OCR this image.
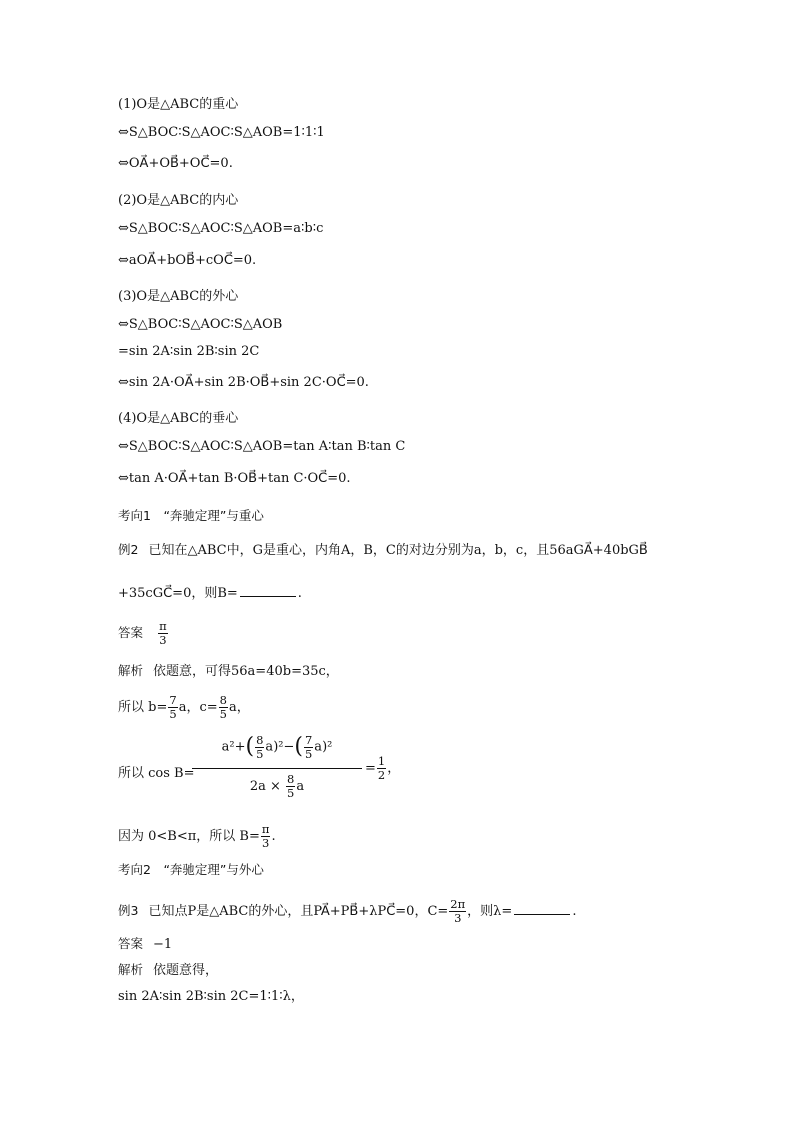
(1)O是△ABC的重心
⇔S△BOC∶S△AOC∶S△AOB=1∶1∶1
⇔OA⃗+OB⃗+OC⃗=0.
(2)O是△ABC的内心
⇔S△BOC∶S△AOC∶S△AOB=a∶b∶c
⇔aOA⃗+bOB⃗+cOC⃗=0.
(3)O是△ABC的外心
⇔S△BOC∶S△AOC∶S△AOB
=sin 2A∶sin 2B∶sin 2C
⇔sin 2A·OA⃗+sin 2B·OB⃗+sin 2C·OC⃗=0.
(4)O是△ABC的垂心
⇔S△BOC∶S△AOC∶S△AOB=tan A∶tan B∶tan C
⇔tan A·OA⃗+tan B·OB⃗+tan C·OC⃗=0.
考向1　“奔驰定理”与重心
例2 已知在△ABC中，G是重心，内角A，B，C的对边分别为a，b，c，且56aGA⃗+40bGB⃗
+35cGC⃗=0，则B=	.
答案 $\frac{\pi}{3}$
解析 依题意，可得56a=40b=35c，
所以 $b= \frac{7}{5}$ a，$c= \frac{8}{5}$ a，
所以 cos B=
$a^2+( \frac{8}{5} a)^2-( \frac{7}{5} a)^2$
$2a \times \frac{8}{5}$ a
= $\frac{1}{2}$ ，
因为 0<B<π，所以 $B= \frac{\pi}{3}$ .
考向2　“奔驰定理”与外心
例3 已知点P是△ABC的外心，且PA⃗+PB⃗+λPC⃗=0，$C= \frac{2\pi}{3}$ ，则λ=	.
答案 −1
解析 依题意得，
sin 2A∶sin 2B∶sin 2C=1∶1∶λ，
